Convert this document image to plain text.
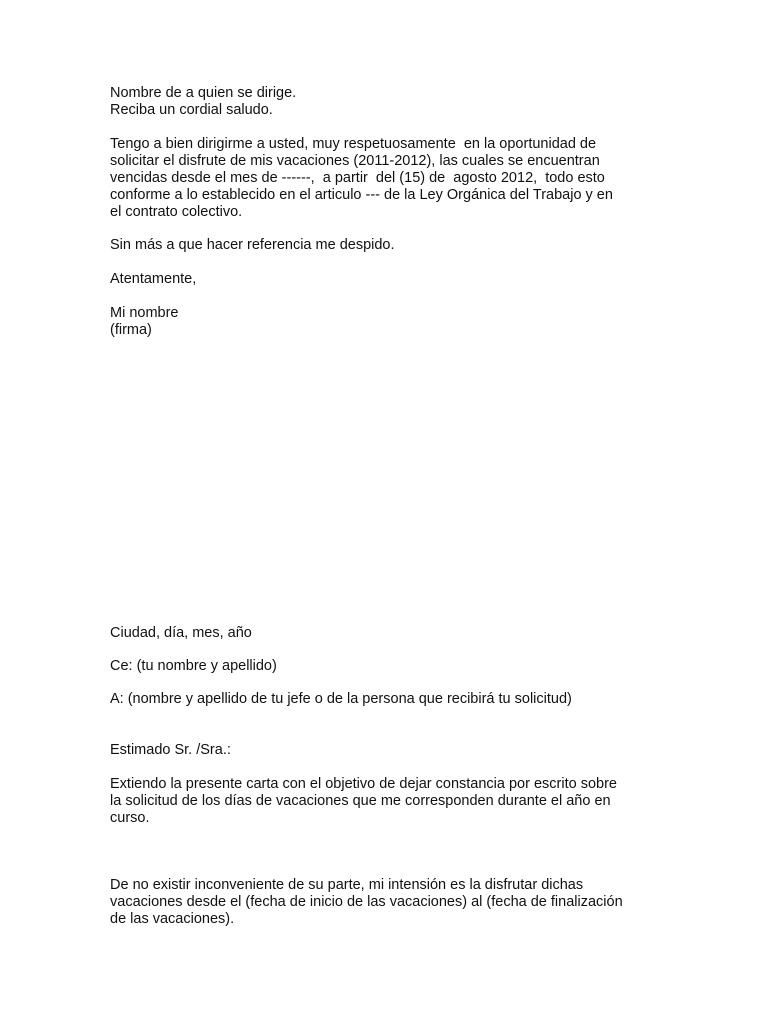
Nombre de a quien se dirige.

Reciba un cordial saludo.

Tengo a bien dirigirme a usted, muy respetuosamente  en la oportunidad de

solicitar el disfrute de mis vacaciones (2011-2012), las cuales se encuentran

vencidas desde el mes de ------,  a partir  del (15) de  agosto 2012,  todo esto

conforme a lo establecido en el articulo --- de la Ley Orgánica del Trabajo y en

el contrato colectivo.

Sin más a que hacer referencia me despido.

Atentamente,

Mi nombre

(firma)

Ciudad, día, mes, año

Ce: (tu nombre y apellido)

A: (nombre y apellido de tu jefe o de la persona que recibirá tu solicitud)

Estimado Sr. /Sra.:

Extiendo la presente carta con el objetivo de dejar constancia por escrito sobre

la solicitud de los días de vacaciones que me corresponden durante el año en

curso.

De no existir inconveniente de su parte, mi intensión es la disfrutar dichas

vacaciones desde el (fecha de inicio de las vacaciones) al (fecha de finalización

de las vacaciones).
